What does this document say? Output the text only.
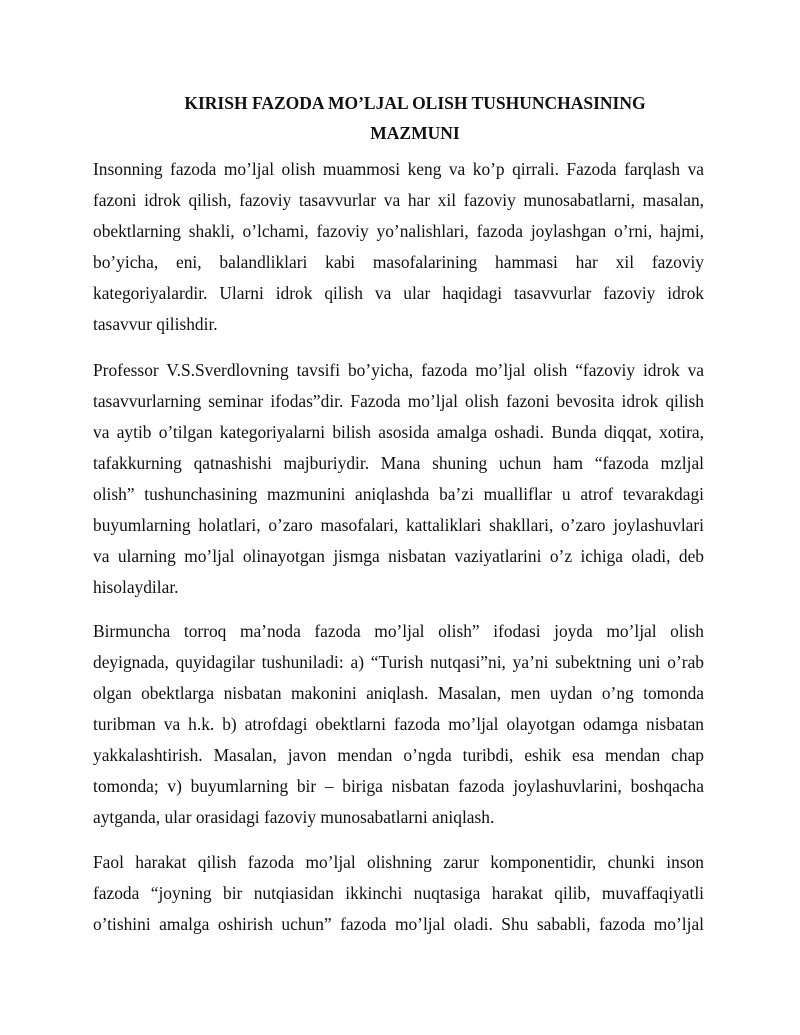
KIRISH FAZODA MO’LJAL OLISH TUSHUNCHASINING
MAZMUNI

Insonning fazoda mo’ljal olish muammosi keng va ko’p qirrali. Fazoda farqlash va
fazoni idrok qilish, fazoviy tasavvurlar va har xil fazoviy munosabatlarni, masalan,
obektlarning shakli, o’lchami, fazoviy yo’nalishlari, fazoda joylashgan o’rni, hajmi,
bo’yicha, eni, balandliklari kabi masofalarining hammasi har xil fazoviy
kategoriyalardir. Ularni idrok qilish va ular haqidagi tasavvurlar fazoviy idrok
tasavvur qilishdir.

Professor V.S.Sverdlovning tavsifi bo’yicha, fazoda mo’ljal olish “fazoviy idrok va
tasavvurlarning seminar ifodas”dir. Fazoda mo’ljal olish fazoni bevosita idrok qilish
va aytib o’tilgan kategoriyalarni bilish asosida amalga oshadi. Bunda diqqat, xotira,
tafakkurning qatnashishi majburiydir. Mana shuning uchun ham “fazoda mzljal
olish” tushunchasining mazmunini aniqlashda ba’zi mualliflar u atrof tevarakdagi
buyumlarning holatlari, o’zaro masofalari, kattaliklari shakllari, o’zaro joylashuvlari
va ularning mo’ljal olinayotgan jismga nisbatan vaziyatlarini o’z ichiga oladi, deb
hisolaydilar.

Birmuncha torroq ma’noda fazoda mo’ljal olish” ifodasi joyda mo’ljal olish
deyignada, quyidagilar tushuniladi: a) “Turish nutqasi”ni, ya’ni subektning uni o’rab
olgan obektlarga nisbatan makonini aniqlash. Masalan, men uydan o’ng tomonda
turibman va h.k. b) atrofdagi obektlarni fazoda mo’ljal olayotgan odamga nisbatan
yakkalashtirish. Masalan, javon mendan o’ngda turibdi, eshik esa mendan chap
tomonda; v) buyumlarning bir – biriga nisbatan fazoda joylashuvlarini, boshqacha
aytganda, ular orasidagi fazoviy munosabatlarni aniqlash.

Faol harakat qilish fazoda mo’ljal olishning zarur komponentidir, chunki inson
fazoda “joyning bir nutqiasidan ikkinchi nuqtasiga harakat qilib, muvaffaqiyatli
o’tishini amalga oshirish uchun” fazoda mo’ljal oladi. Shu sababli, fazoda mo’ljal
